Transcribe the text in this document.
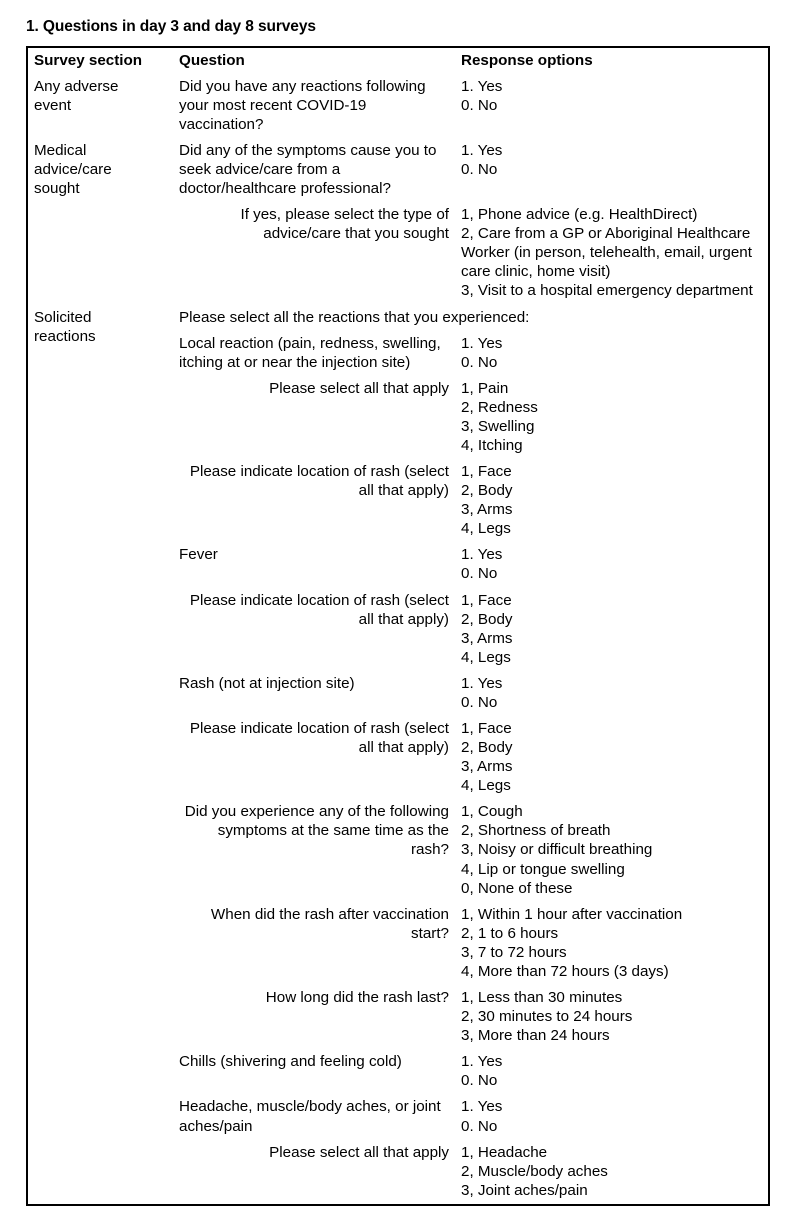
1. Questions in day 3 and day 8 surveys
Survey section	Question	Response options
Any adverse
event	Did you have any reactions following your most recent COVID-19 vaccination?	
1. Yes
0. No

Medical
advice/care
sought	Did any of the symptoms cause you to seek advice/care from a doctor/healthcare professional?	
1. Yes
0. No

	If yes, please select the type of advice/care that you sought	1, Phone advice (e.g. HealthDirect)
2, Care from a GP or Aboriginal Healthcare Worker (in person, telehealth, email, urgent care clinic, home visit)
3, Visit to a hospital emergency department

Solicited
reactions	Please select all the reactions that you experienced:	
	Local reaction (pain, redness, swelling, itching at or near the injection site)	1. Yes
0. No

	Please select all that apply	1, Pain
2, Redness
3, Swelling
4, Itching

	Please indicate location of rash (select all that apply)	1, Face
2, Body
3, Arms
4, Legs

	Fever	1. Yes
0. No

	Please indicate location of rash (select all that apply)	1, Face
2, Body
3, Arms
4, Legs

	Rash (not at injection site)	1. Yes
0. No

	Please indicate location of rash (select all that apply)	1, Face
2, Body
3, Arms
4, Legs

	Did you experience any of the following symptoms at the same time as the rash?	1, Cough
2, Shortness of breath
3, Noisy or difficult breathing
4, Lip or tongue swelling
0, None of these

	When did the rash after vaccination start?	1, Within 1 hour after vaccination
2, 1 to 6 hours
3, 7 to 72 hours
4, More than 72 hours (3 days)

	How long did the rash last?	1, Less than 30 minutes
2, 30 minutes to 24 hours
3, More than 24 hours

	Chills (shivering and feeling cold)	1. Yes
0. No

	Headache, muscle/body aches, or joint aches/pain	1. Yes
0. No

	Please select all that apply	1, Headache
2, Muscle/body aches
3, Joint aches/pain
